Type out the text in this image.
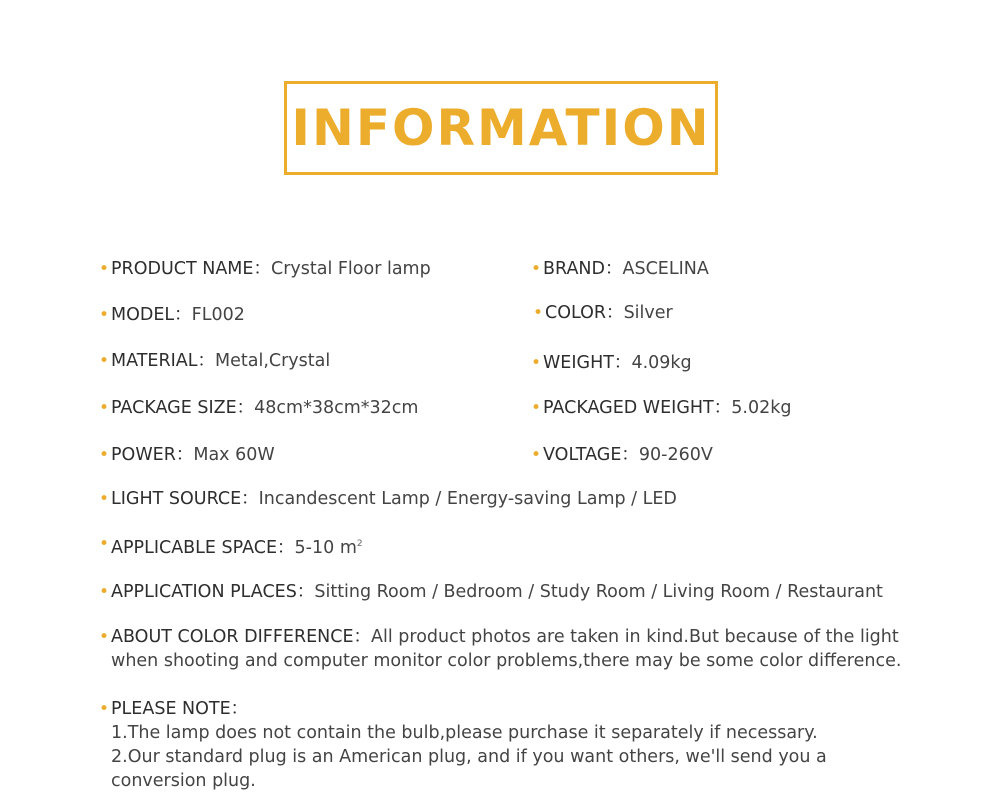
INFORMATION
• PRODUCT NAME：Crystal Floor lamp
• MODEL：FL002
• MATERIAL：Metal,Crystal
• PACKAGE SIZE：48cm*38cm*32cm
• POWER：Max 60W
• BRAND：ASCELINA
• COLOR：Silver
• WEIGHT：4.09kg
• PACKAGED WEIGHT：5.02kg
• VOLTAGE：90-260V
• LIGHT SOURCE：Incandescent Lamp / Energy-saving Lamp / LED
• APPLICABLE SPACE：5-10 $m^2$
• APPLICATION PLACES：Sitting Room / Bedroom / Study Room / Living Room / Restaurant
• ABOUT COLOR DIFFERENCE：All product photos are taken in kind.But because of the light
when shooting and computer monitor color problems,there may be some color difference.
• PLEASE NOTE：
1.The lamp does not contain the bulb,please purchase it separately if necessary.
2.Our standard plug is an American plug, and if you want others, we'll send you a
conversion plug.
